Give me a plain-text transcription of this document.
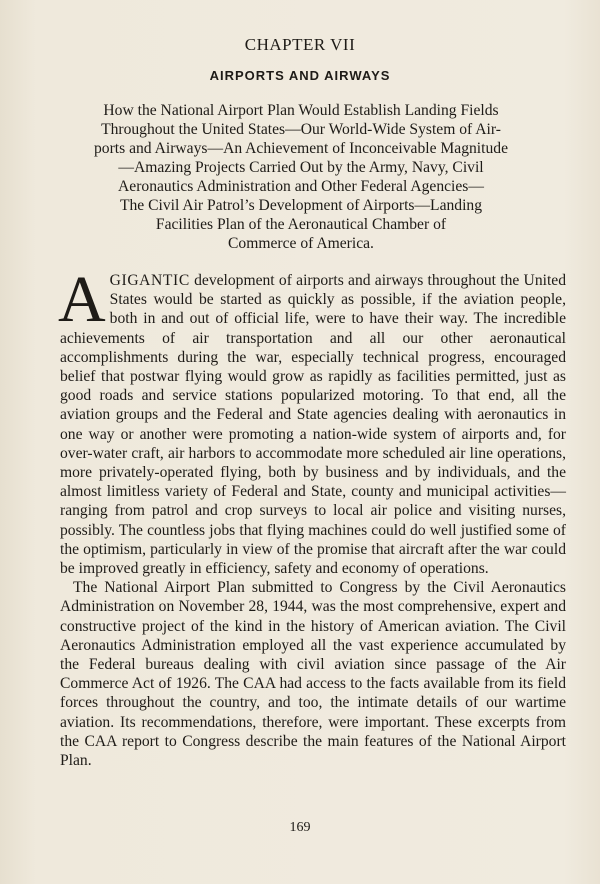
CHAPTER VII
AIRPORTS AND AIRWAYS
How the National Airport Plan Would Establish Landing Fields
Throughout the United States—Our World-Wide System of Air-
ports and Airways—An Achievement of Inconceivable Magnitude
—Amazing Projects Carried Out by the Army, Navy, Civil
Aeronautics Administration and Other Federal Agencies—
The Civil Air Patrol’s Development of Airports—Landing
Facilities Plan of the Aeronautical Chamber of
Commerce of America.

AGIGANTIC development of airports and airways throughout the United States would be started as quickly as possible, if the aviation people, both in and out of official life, were to have their way. The incredible achievements of air transportation and all our other aeronautical accomplishments during the war, especially technical progress, encouraged belief that postwar flying would grow as rapidly as facilities permitted, just as good roads and service stations popularized motoring. To that end, all the aviation groups and the Federal and State agencies dealing with aeronautics in one way or another were promoting a nation-wide system of airports and, for over-water craft, air harbors to accommodate more scheduled air line operations, more privately-operated flying, both by business and by individuals, and the almost limitless variety of Federal and State, county and municipal activities—ranging from patrol and crop surveys to local air police and visiting nurses, possibly. The countless jobs that flying machines could do well justified some of the optimism, particularly in view of the promise that aircraft after the war could be improved greatly in efficiency, safety and economy of operations.

The National Airport Plan submitted to Congress by the Civil Aeronautics Administration on November 28, 1944, was the most comprehensive, expert and constructive project of the kind in the history of American aviation. The Civil Aeronautics Administration employed all the vast experience accumulated by the Federal bureaus dealing with civil aviation since passage of the Air Commerce Act of 1926. The CAA had access to the facts available from its field forces throughout the country, and too, the intimate details of our wartime aviation. Its recommendations, therefore, were important. These excerpts from the CAA report to Congress describe the main features of the National Airport Plan.

169
